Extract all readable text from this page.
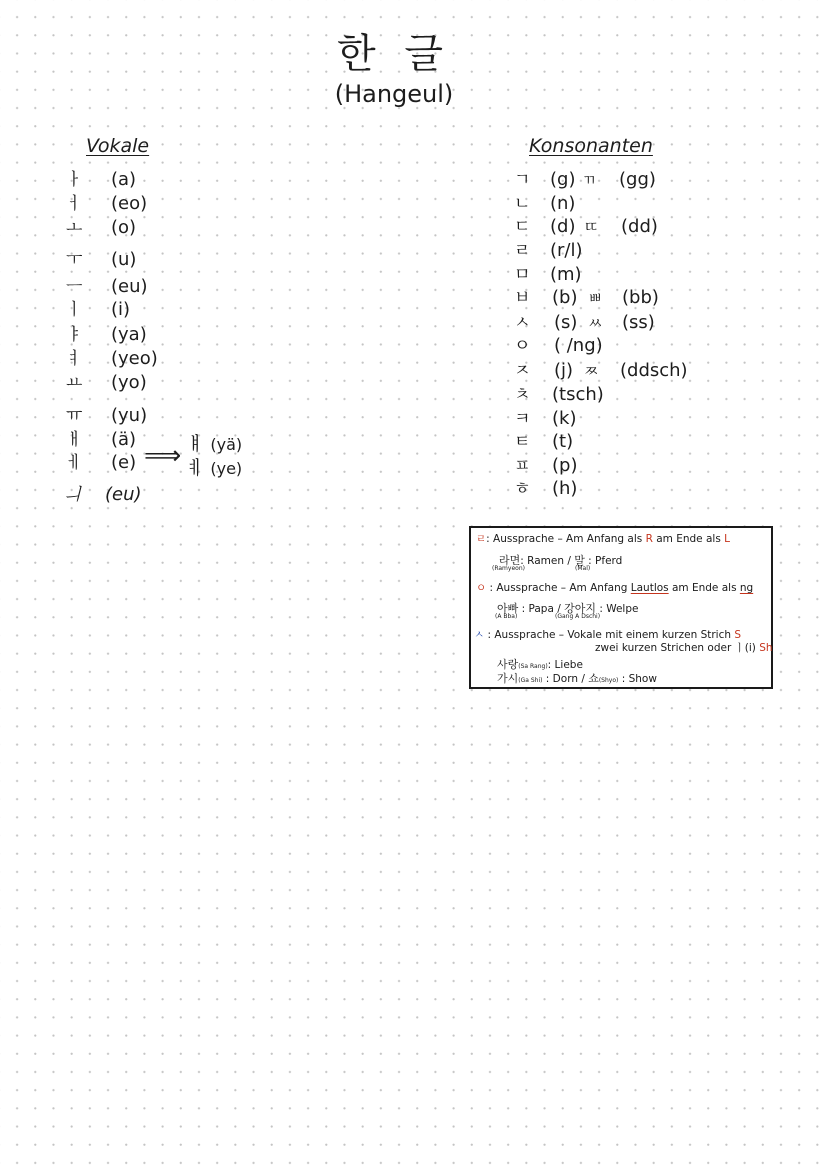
한 글
(Hangeul)
Vokale	Konsonanten
ㅏ (a)
ㅓ (eo)
ㅗ (o)
ㅜ (u)
ㅡ (eu)
ㅣ (i)
ㅑ (ya)
ㅕ (yeo)
ㅛ (yo)
ㅠ (yu)
ㅐ (ä)
ㅔ (e)
ㅢ (eu)
⟹ ㅒ (yä)
ㅖ (ye)
ㄱ (g) ㄲ (gg)
ㄴ (n)
ㄷ (d) ㄸ (dd)
ㄹ (r/l)
ㅁ (m)
ㅂ (b) ㅃ (bb)
ㅅ (s) ㅆ (ss)
ㅇ ( /ng)
ㅈ (j) ㅉ (ddsch)
ㅊ (tsch)
ㅋ (k)
ㅌ (t)
ㅍ (p)
ㅎ (h)
ㄹ: Aussprache – Am Anfang als R am Ende als L
라면: Ramen / 말 : Pferd
(Ramyeon)	(Mal)
ㅇ : Aussprache – Am Anfang Lautlos am Ende als ng
아빠 : Papa / 강아지 : Welpe
(A Bba)	(Gang A Dschi)
ㅅ : Aussprache – Vokale mit einem kurzen Strich S
zwei kurzen Strichen oder ㅣ(i) Sh
사랑(Sa Rang): Liebe
가시(Ga Shi) : Dorn / 쇼(Shyo) : Show
